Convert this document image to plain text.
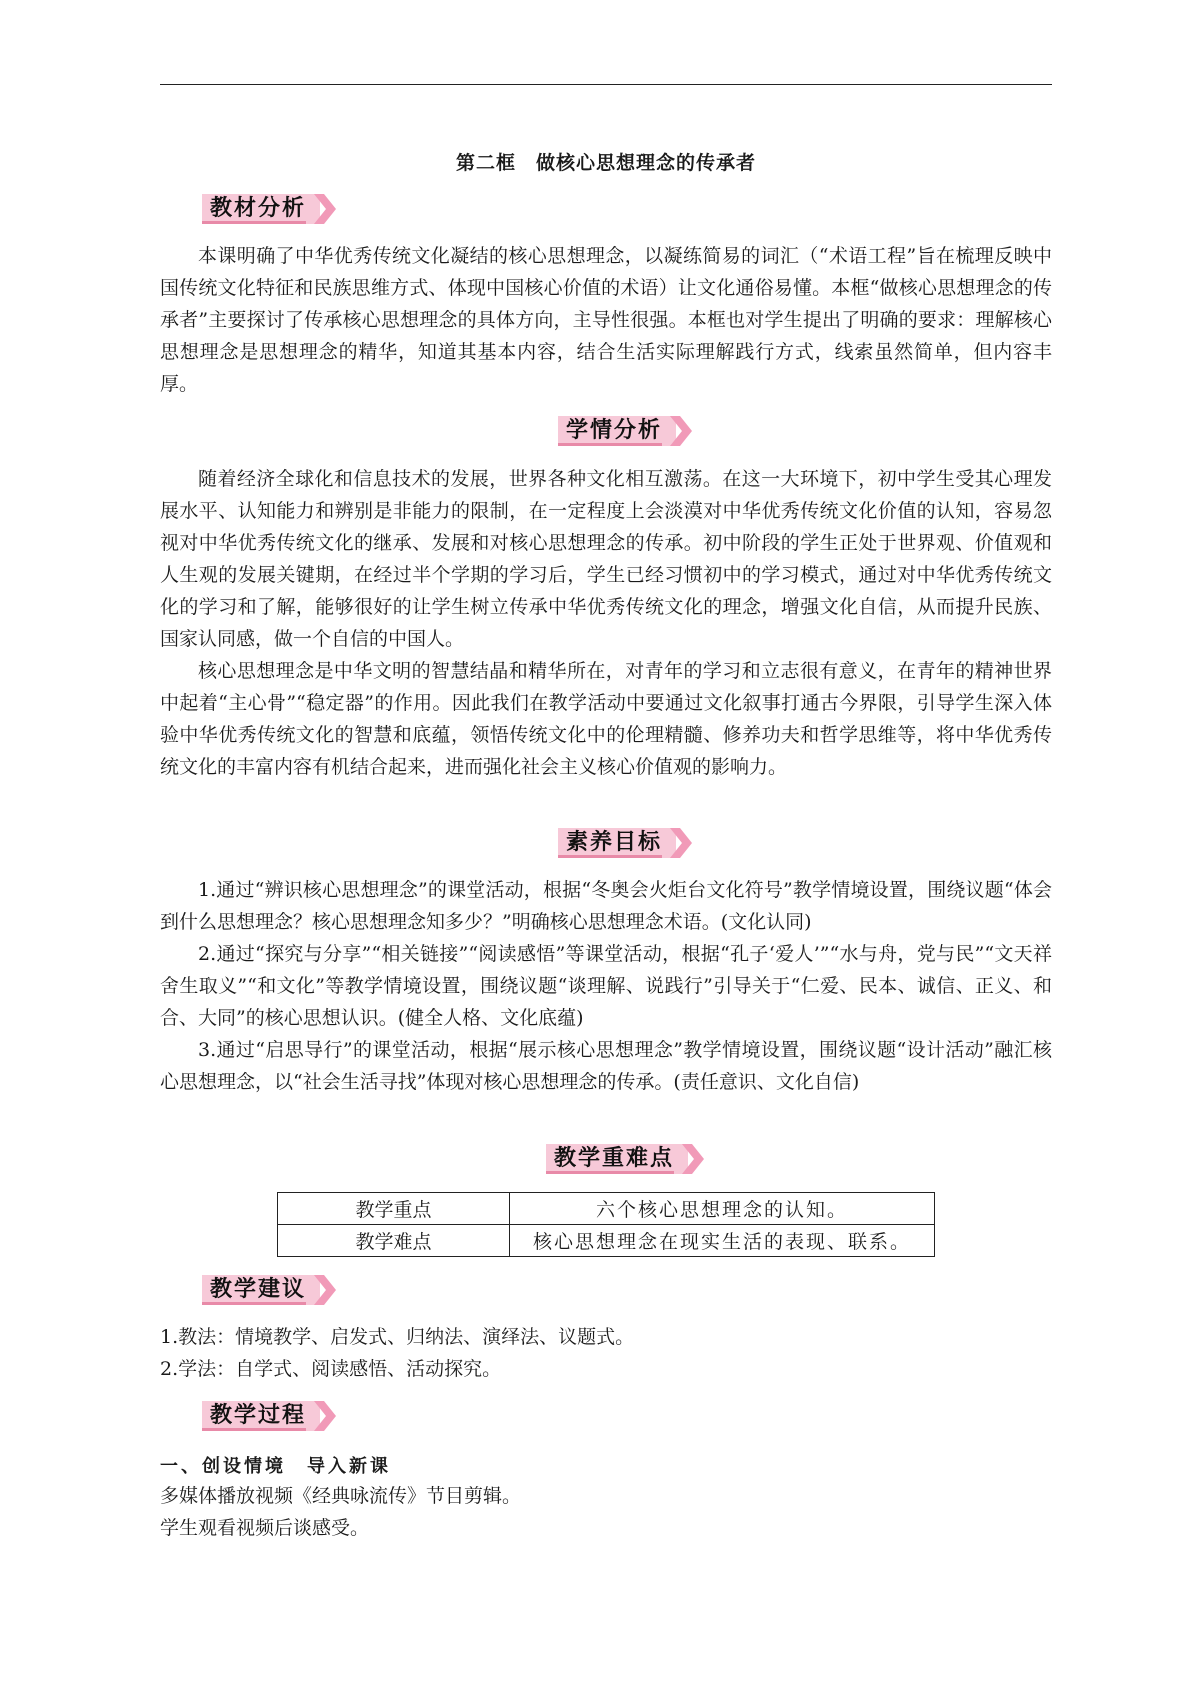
第二框　做核心思想理念的传承者
教材分析

本课明确了中华优秀传统文化凝结的核心思想理念，以凝练简易的词汇（“术语工程”旨在梳理反映中国传统文化特征和民族思维方式、体现中国核心价值的术语）让文化通俗易懂。本框“做核心思想理念的传承者”主要探讨了传承核心思想理念的具体方向，主导性很强。本框也对学生提出了明确的要求：理解核心思想理念是思想理念的精华，知道其基本内容，结合生活实际理解践行方式，线索虽然简单，但内容丰厚。

学情分析

随着经济全球化和信息技术的发展，世界各种文化相互激荡。在这一大环境下，初中学生受其心理发展水平、认知能力和辨别是非能力的限制，在一定程度上会淡漠对中华优秀传统文化价值的认知，容易忽视对中华优秀传统文化的继承、发展和对核心思想理念的传承。初中阶段的学生正处于世界观、价值观和人生观的发展关键期，在经过半个学期的学习后，学生已经习惯初中的学习模式，通过对中华优秀传统文化的学习和了解，能够很好的让学生树立传承中华优秀传统文化的理念，增强文化自信，从而提升民族、国家认同感，做一个自信的中国人。

核心思想理念是中华文明的智慧结晶和精华所在，对青年的学习和立志很有意义，在青年的精神世界中起着“主心骨”“稳定器”的作用。因此我们在教学活动中要通过文化叙事打通古今界限，引导学生深入体验中华优秀传统文化的智慧和底蕴，领悟传统文化中的伦理精髓、修养功夫和哲学思维等，将中华优秀传统文化的丰富内容有机结合起来，进而强化社会主义核心价值观的影响力。

素养目标

1.通过“辨识核心思想理念”的课堂活动，根据“冬奥会火炬台文化符号”教学情境设置，围绕议题“体会到什么思想理念？核心思想理念知多少？”明确核心思想理念术语。(文化认同)

2.通过“探究与分享”“相关链接”“阅读感悟”等课堂活动，根据“孔子‘爱人’”“水与舟，党与民”“文天祥舍生取义”“和文化”等教学情境设置，围绕议题“谈理解、说践行”引导关于“仁爱、民本、诚信、正义、和合、大同”的核心思想认识。(健全人格、文化底蕴)

3.通过“启思导行”的课堂活动，根据“展示核心思想理念”教学情境设置，围绕议题“设计活动”融汇核心思想理念，以“社会生活寻找”体现对核心思想理念的传承。(责任意识、文化自信)

教学重难点
教学重点	六个核心思想理念的认知。
教学难点	核心思想理念在现实生活的表现、联系。
教学建议

1.教法：情境教学、启发式、归纳法、演绎法、议题式。

2.学法：自学式、阅读感悟、活动探究。

教学过程
一、创设情境　导入新课

多媒体播放视频《经典咏流传》节目剪辑。

学生观看视频后谈感受。
